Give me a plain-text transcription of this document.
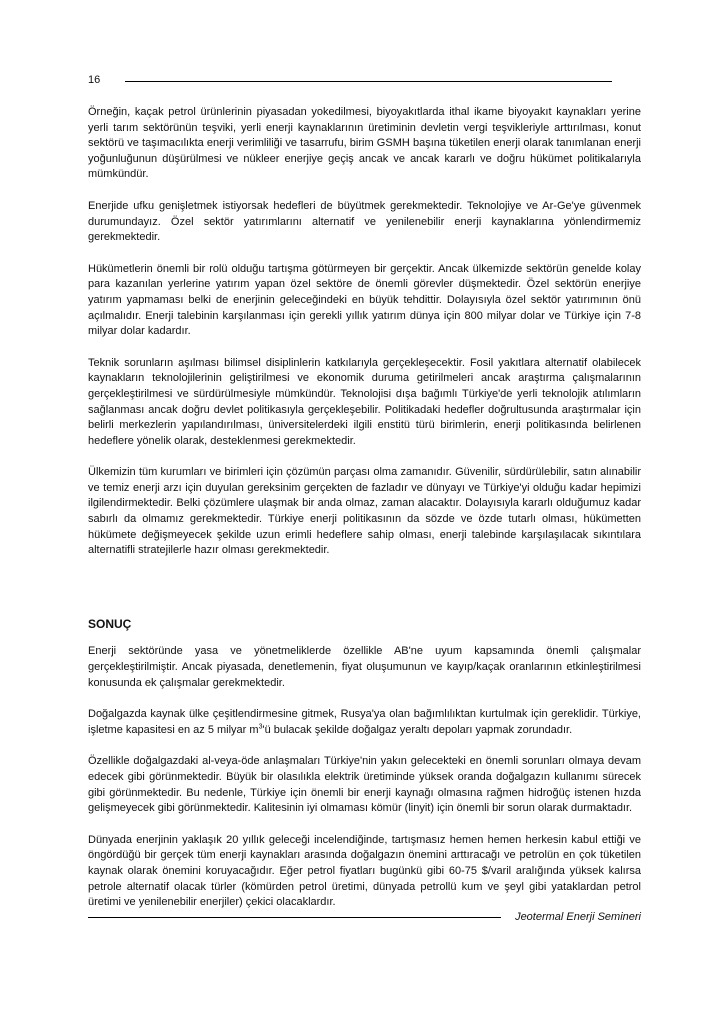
16

Örneğin, kaçak petrol ürünlerinin piyasadan yokedilmesi, biyoyakıtlarda ithal ikame biyoyakıt kaynakları yerine yerli tarım sektörünün teşviki, yerli enerji kaynaklarının üretiminin devletin vergi teşvikleriyle arttırılması, konut sektörü ve taşımacılıkta enerji verimliliği ve tasarrufu, birim GSMH başına tüketilen enerji olarak tanımlanan enerji yoğunluğunun düşürülmesi ve nükleer enerjiye geçiş ancak ve ancak kararlı ve doğru hükümet politikalarıyla mümkündür.

Enerjide ufku genişletmek istiyorsak hedefleri de büyütmek gerekmektedir. Teknolojiye ve Ar-Ge'ye güvenmek durumundayız. Özel sektör yatırımlarını alternatif ve yenilenebilir enerji kaynaklarına yönlendirmemiz gerekmektedir.

Hükümetlerin önemli bir rolü olduğu tartışma götürmeyen bir gerçektir. Ancak ülkemizde sektörün genelde kolay para kazanılan yerlerine yatırım yapan özel sektöre de önemli görevler düşmektedir. Özel sektörün enerjiye yatırım yapmaması belki de enerjinin geleceğindeki en büyük tehdittir. Dolayısıyla özel sektör yatırımının önü açılmalıdır. Enerji talebinin karşılanması için gerekli yıllık yatırım dünya için 800 milyar dolar ve Türkiye için 7-8 milyar dolar kadardır.

Teknik sorunların aşılması bilimsel disiplinlerin katkılarıyla gerçekleşecektir. Fosil yakıtlara alternatif olabilecek kaynakların teknolojilerinin geliştirilmesi ve ekonomik duruma getirilmeleri ancak araştırma çalışmalarının gerçekleştirilmesi ve sürdürülmesiyle mümkündür. Teknolojisi dışa bağımlı Türkiye'de yerli teknolojik atılımların sağlanması ancak doğru devlet politikasıyla gerçekleşebilir. Politikadaki hedefler doğrultusunda araştırmalar için belirli merkezlerin yapılandırılması, üniversitelerdeki ilgili enstitü türü birimlerin, enerji politikasında belirlenen hedeflere yönelik olarak, desteklenmesi gerekmektedir.

Ülkemizin tüm kurumları ve birimleri için çözümün parçası olma zamanıdır. Güvenilir, sürdürülebilir, satın alınabilir ve temiz enerji arzı için duyulan gereksinim gerçekten de fazladır ve dünyayı ve Türkiye'yi olduğu kadar hepimizi ilgilendirmektedir. Belki çözümlere ulaşmak bir anda olmaz, zaman alacaktır. Dolayısıyla kararlı olduğumuz kadar sabırlı da olmamız gerekmektedir. Türkiye enerji politikasının da sözde ve özde tutarlı olması, hükümetten hükümete değişmeyecek şekilde uzun erimli hedeflere sahip olması, enerji talebinde karşılaşılacak sıkıntılara alternatifli stratejilerle hazır olması gerekmektedir.

SONUÇ

Enerji sektöründe yasa ve yönetmeliklerde özellikle AB'ne uyum kapsamında önemli çalışmalar gerçekleştirilmiştir. Ancak piyasada, denetlemenin, fiyat oluşumunun ve kayıp/kaçak oranlarının etkinleştirilmesi konusunda ek çalışmalar gerekmektedir.

Doğalgazda kaynak ülke çeşitlendirmesine gitmek, Rusya'ya olan bağımlılıktan kurtulmak için gereklidir. Türkiye, işletme kapasitesi en az 5 milyar $m^3'ü$ bulacak şekilde doğalgaz yeraltı depoları yapmak zorundadır.

Özellikle doğalgazdaki al-veya-öde anlaşmaları Türkiye'nin yakın gelecekteki en önemli sorunları olmaya devam edecek gibi görünmektedir. Büyük bir olasılıkla elektrik üretiminde yüksek oranda doğalgazın kullanımı sürecek gibi görünmektedir. Bu nedenle, Türkiye için önemli bir enerji kaynağı olmasına rağmen hidroğüç istenen hızda gelişmeyecek gibi görünmektedir. Kalitesinin iyi olmaması kömür (linyit) için önemli bir sorun olarak durmaktadır.

Dünyada enerjinin yaklaşık 20 yıllık geleceği incelendiğinde, tartışmasız hemen hemen herkesin kabul ettiği ve öngördüğü bir gerçek tüm enerji kaynakları arasında doğalgazın önemini arttıracağı ve petrolün en çok tüketilen kaynak olarak önemini koruyacağıdır. Eğer petrol fiyatları bugünkü gibi 60-75 $/varil aralığında yüksek kalırsa petrole alternatif olacak türler (kömürden petrol üretimi, dünyada petrollü kum ve şeyl gibi yataklardan petrol üretimi ve yenilenebilir enerjiler) çekici olacaklardır.

Jeotermal Enerji Semineri
